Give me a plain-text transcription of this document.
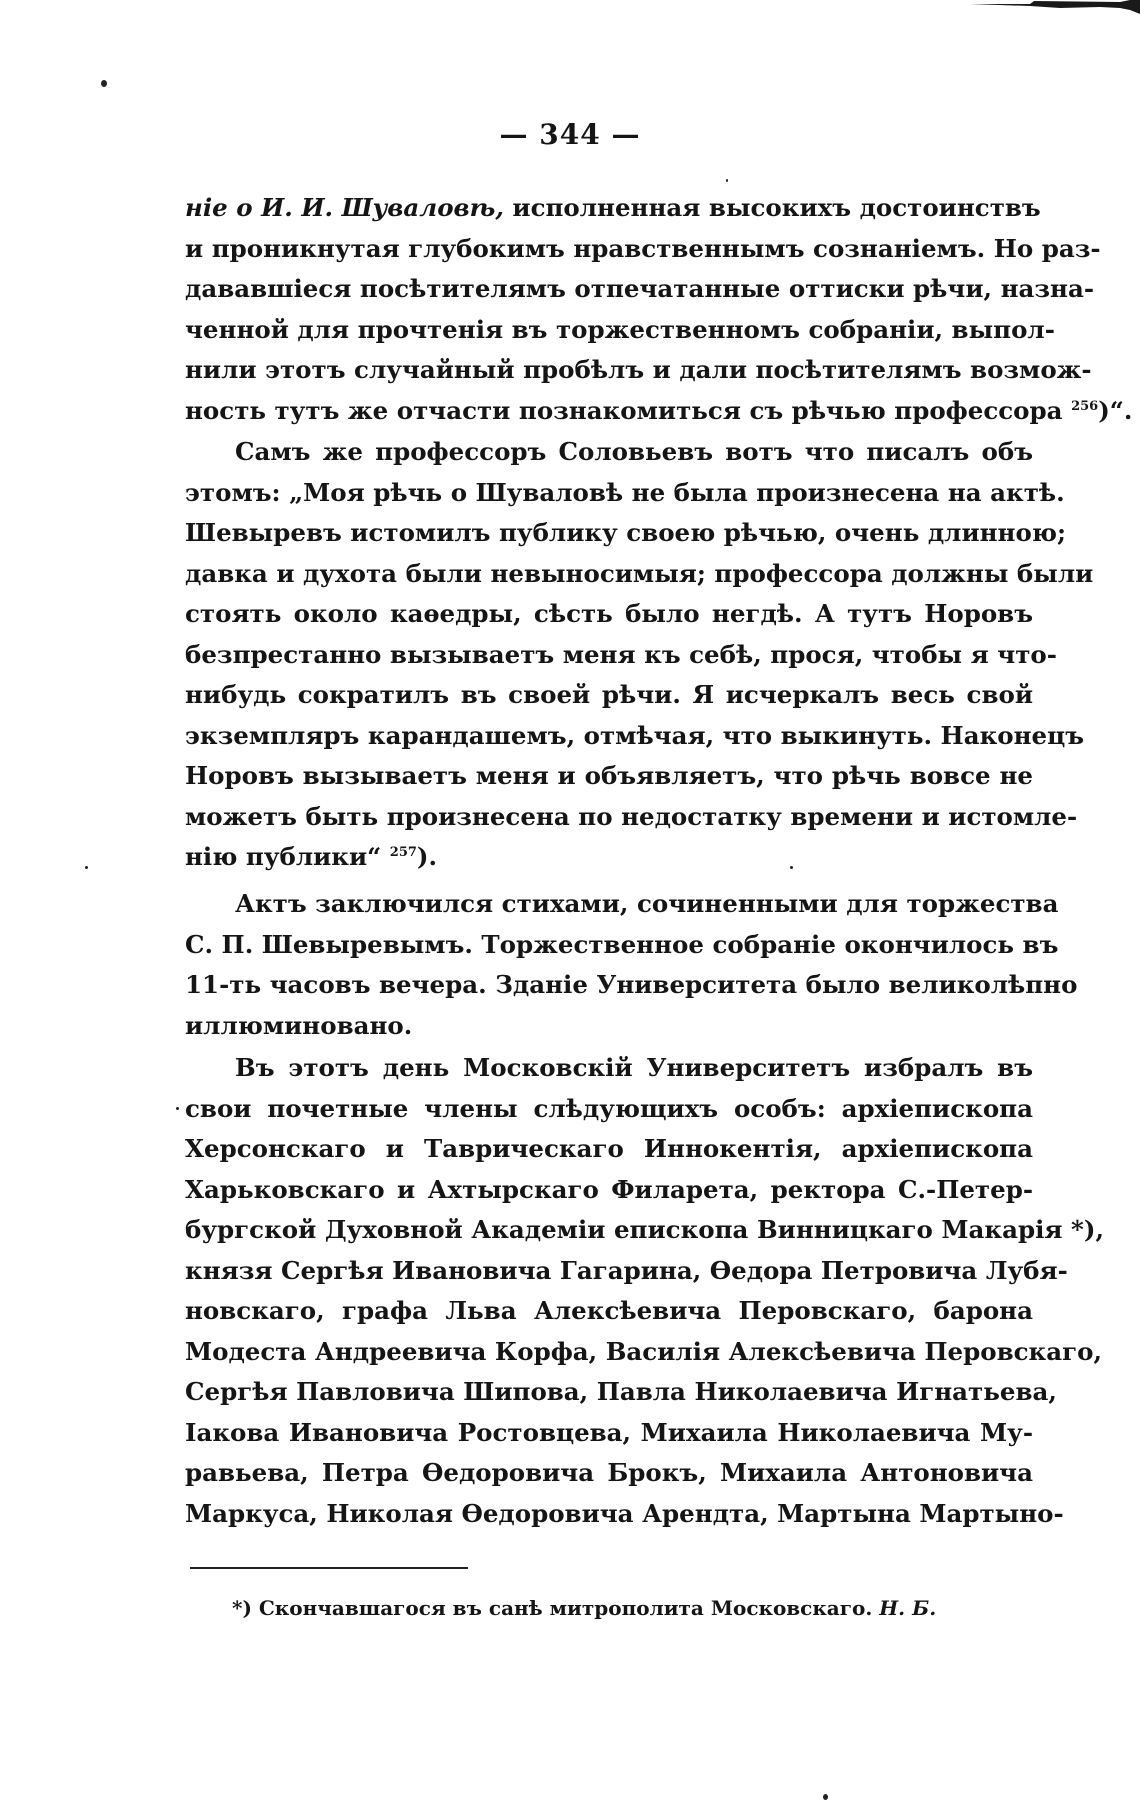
— 344 —
ніе о И. И. Шуваловѣ, исполненная высокихъ достоинствъ
и проникнутая глубокимъ нравственнымъ сознаніемъ. Но раз-
дававшіеся посѣтителямъ отпечатанные оттиски рѣчи, назна-
ченной для прочтенія въ торжественномъ собраніи, выпол-
нили этотъ случайный пробѣлъ и дали посѣтителямъ возмож-
ность тутъ же отчасти познакомиться съ рѣчью профессора $^{256}$)“.
Самъ же профессоръ Соловьевъ вотъ что писалъ объ
этомъ: „Моя рѣчь о Шуваловѣ не была произнесена на актѣ.
Шевыревъ истомилъ публику своею рѣчью, очень длинною;
давка и духота были невыносимыя; профессора должны были
стоять около каѳедры, сѣсть было негдѣ. А тутъ Норовъ
безпрестанно вызываетъ меня къ себѣ, прося, чтобы я что-
нибудь сократилъ въ своей рѣчи. Я исчеркалъ весь свой
экземпляръ карандашемъ, отмѣчая, что выкинуть. Наконецъ
Норовъ вызываетъ меня и объявляетъ, что рѣчь вовсе не
можетъ быть произнесена по недостатку времени и истомле-
нію публики“ $^{257}$).
Актъ заключился стихами, сочиненными для торжества
С. П. Шевыревымъ. Торжественное собраніе окончилось въ
11-ть часовъ вечера. Зданіе Университета было великолѣпно
иллюминовано.
Въ этотъ день Московскій Университетъ избралъ въ
свои почетные члены слѣдующихъ особъ: архіепископа
Херсонскаго и Таврическаго Иннокентія, архіепископа
Харьковскаго и Ахтырскаго Филарета, ректора С.-Петер-
бургской Духовной Академіи епископа Винницкаго Макарія *),
князя Сергѣя Ивановича Гагарина, Ѳедора Петровича Лубя-
новскаго, графа Льва Алексѣевича Перовскаго, барона
Модеста Андреевича Корфа, Василія Алексѣевича Перовскаго,
Сергѣя Павловича Шипова, Павла Николаевича Игнатьева,
Іакова Ивановича Ростовцева, Михаила Николаевича Му-
равьева, Петра Ѳедоровича Брокъ, Михаила Антоновича
Маркуса, Николая Ѳедоровича Арендта, Мартына Мартыно-
*) Скончавшагося въ санѣ митрополита Московскаго. Н. Б.
